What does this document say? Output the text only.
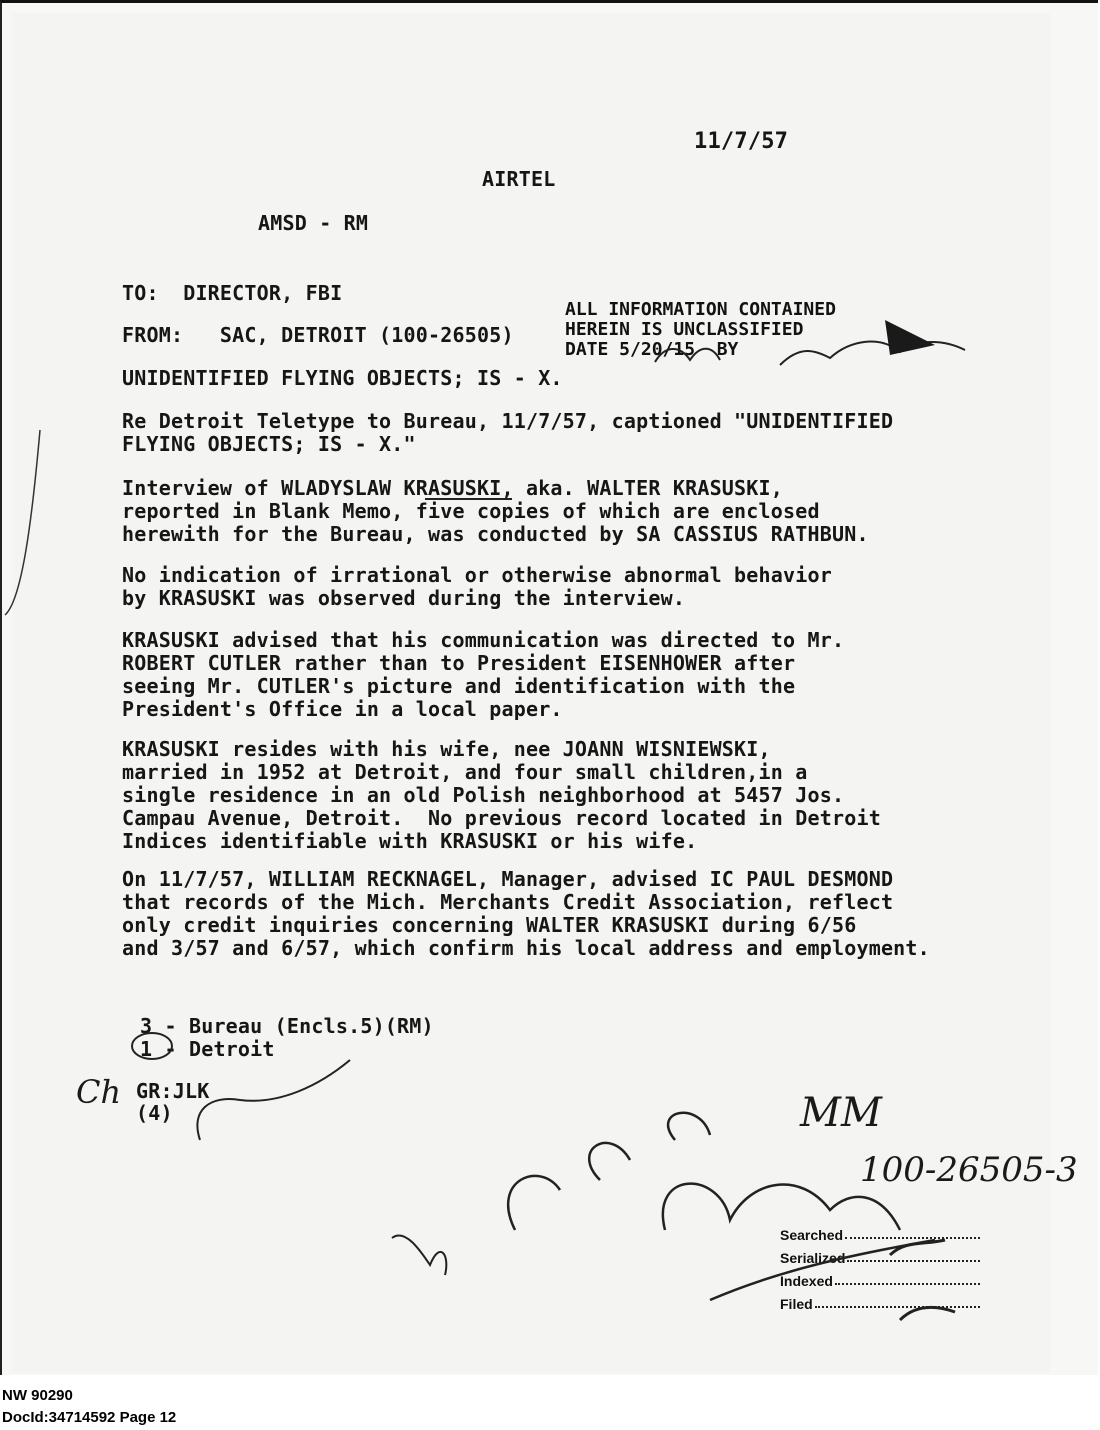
11/7/57
AIRTEL
AMSD - RM
TO:  DIRECTOR, FBI
FROM:   SAC, DETROIT (100-26505)
UNIDENTIFIED FLYING OBJECTS; IS - X.
ALL INFORMATION CONTAINED
HEREIN IS UNCLASSIFIED
DATE 5/20/15  BY
Re Detroit Teletype to Bureau, 11/7/57, captioned "UNIDENTIFIED
FLYING OBJECTS; IS - X."
Interview of WLADYSLAW KRASUSKI, aka. WALTER KRASUSKI,
reported in Blank Memo, five copies of which are enclosed
herewith for the Bureau, was conducted by SA CASSIUS RATHBUN.
No indication of irrational or otherwise abnormal behavior
by KRASUSKI was observed during the interview.
KRASUSKI advised that his communication was directed to Mr.
ROBERT CUTLER rather than to President EISENHOWER after
seeing Mr. CUTLER's picture and identification with the
President's Office in a local paper.
KRASUSKI resides with his wife, nee JOANN WISNIEWSKI,
married in 1952 at Detroit, and four small children,in a
single residence in an old Polish neighborhood at 5457 Jos.
Campau Avenue, Detroit.  No previous record located in Detroit
Indices identifiable with KRASUSKI or his wife.
On 11/7/57, WILLIAM RECKNAGEL, Manager, advised IC PAUL DESMOND
that records of the Mich. Merchants Credit Association, reflect
only credit inquiries concerning WALTER KRASUSKI during 6/56
and 3/57 and 6/57, which confirm his local address and employment.
3 - Bureau (Encls.5)(RM)
1 - Detroit
GR:JLK
(4)
100-26505-3
MM
Ch
Searched
Serialized
Indexed
Filed
NW 90290
DocId:34714592 Page 12
